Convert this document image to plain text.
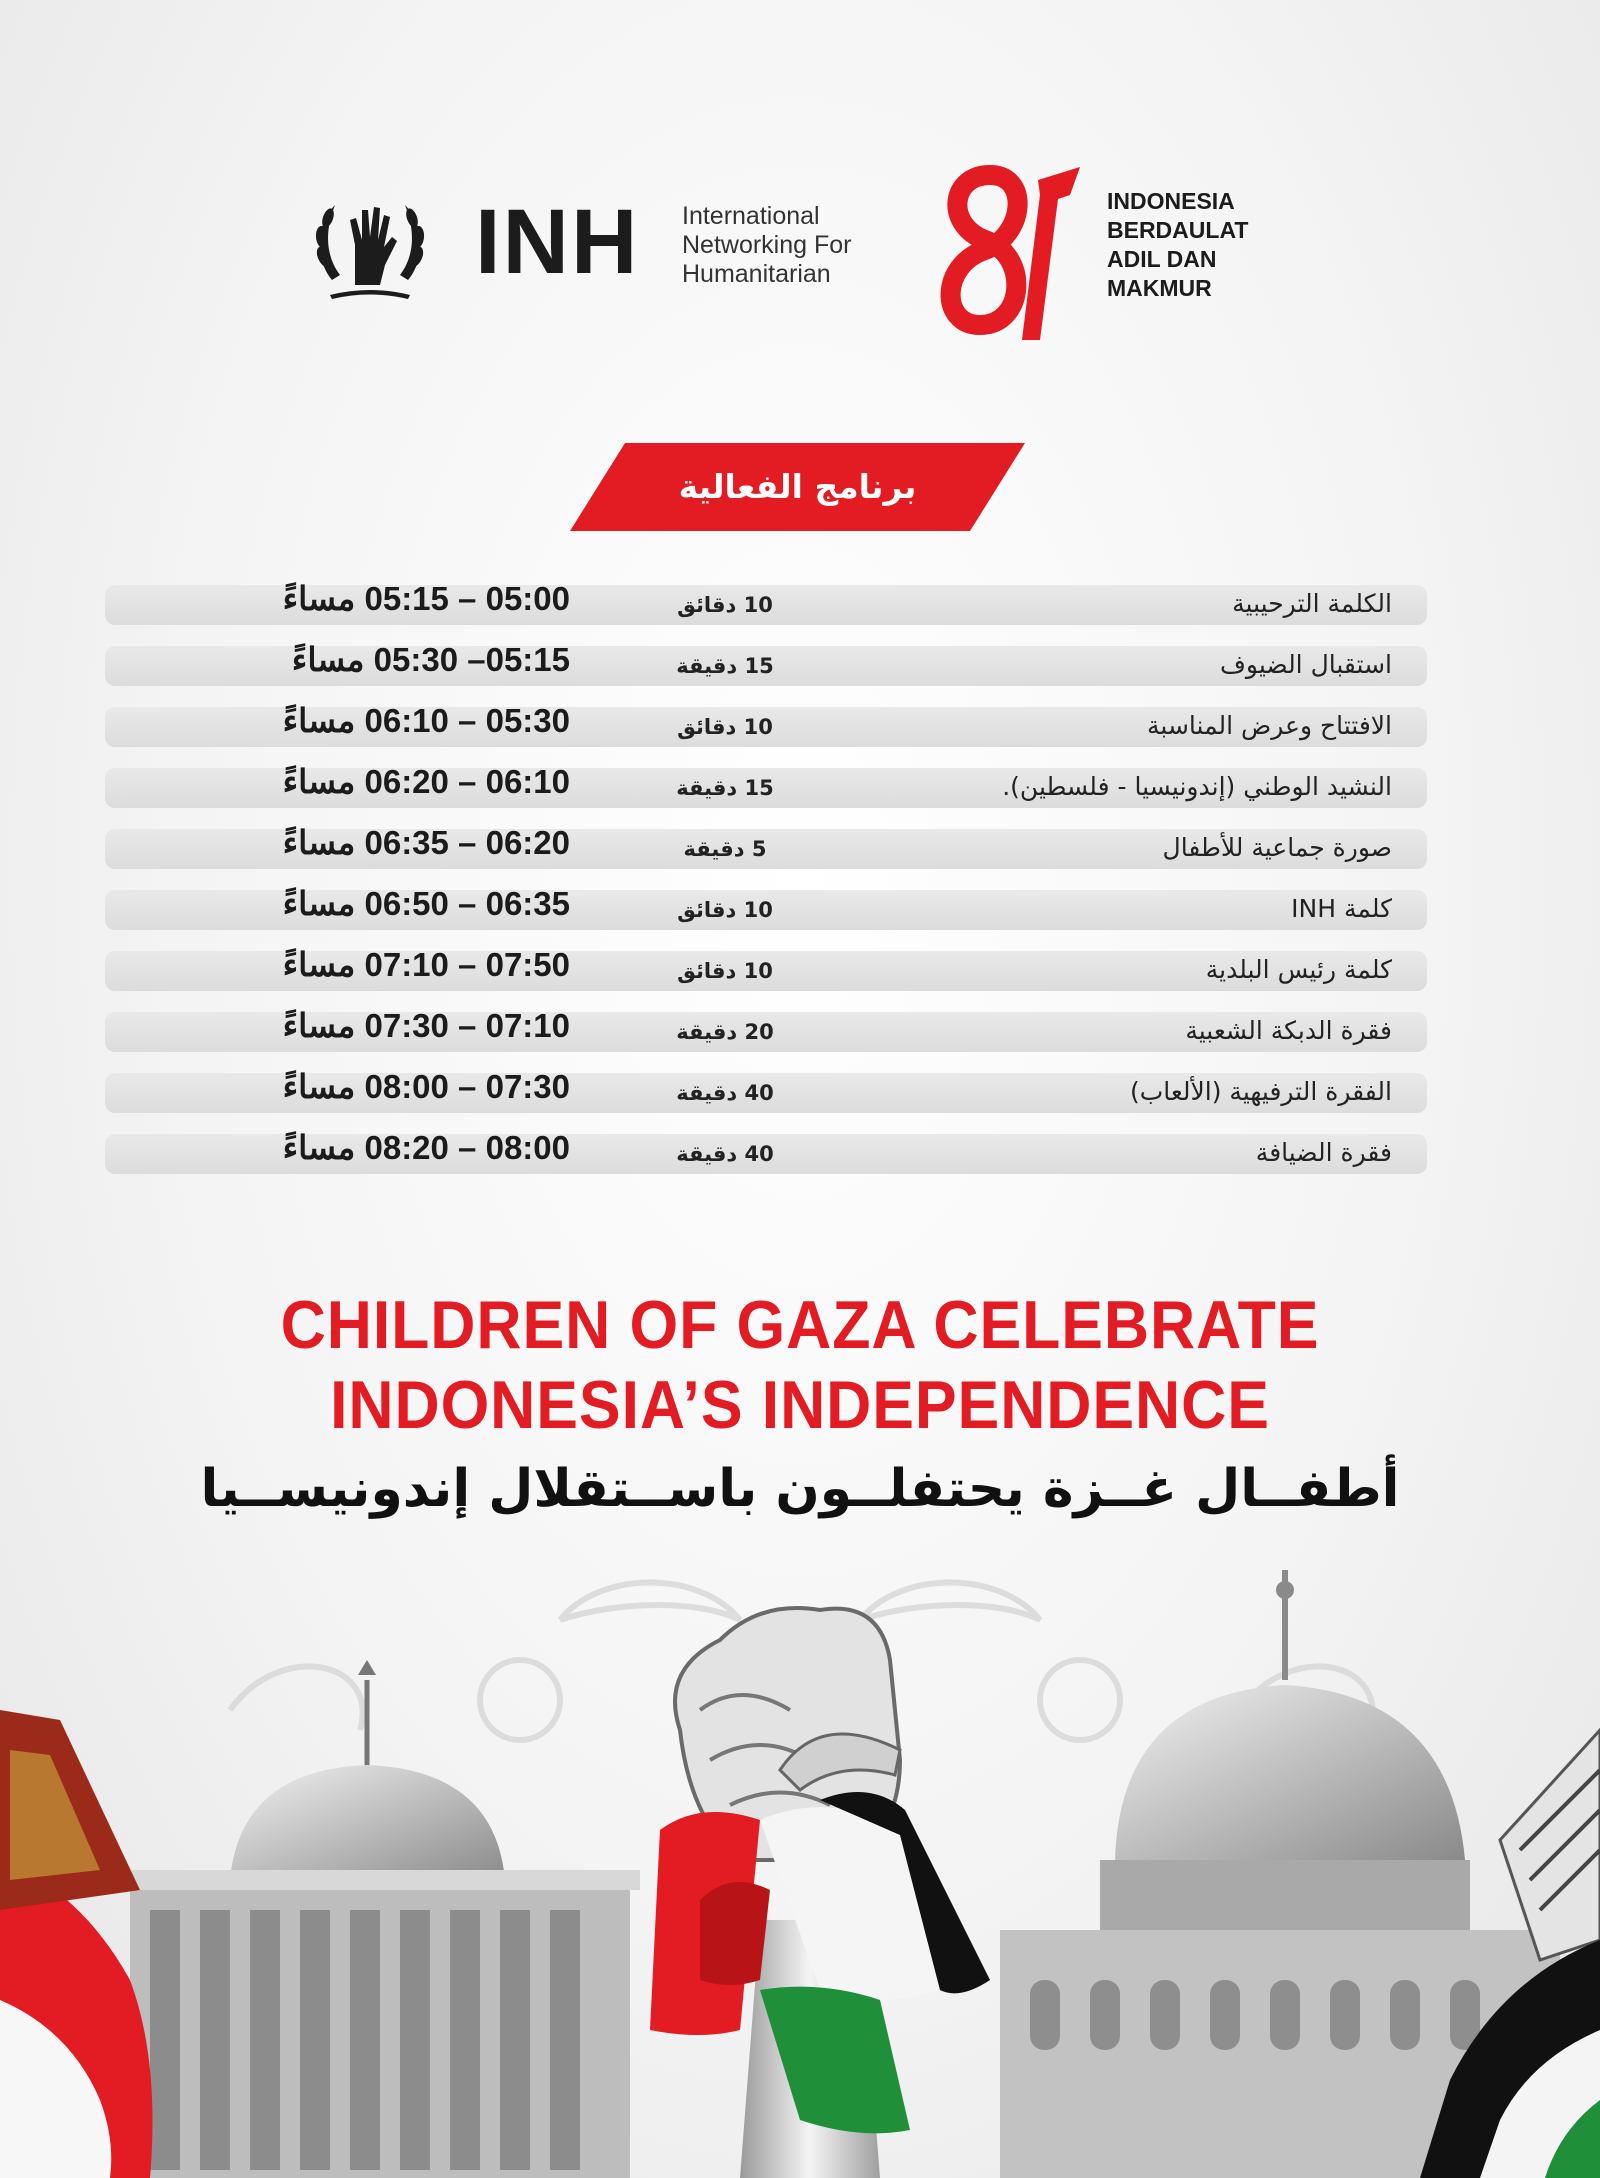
INH International
Networking For
Humanitarian
INDONESIA
BERDAULAT
ADIL DAN
MAKMUR
برنامج الفعالية
الكلمة الترحيبية
10 دقائق
05:00 – 05:15 مساءً
استقبال الضيوف
15 دقيقة
05:15– 05:30 مساءً
الافتتاح وعرض المناسبة
10 دقائق
05:30 – 06:10 مساءً
النشيد الوطني (إندونيسيا - فلسطين).
15 دقيقة
06:10 – 06:20 مساءً
صورة جماعية للأطفال
5 دقيقة
06:20 – 06:35 مساءً
كلمة INH
10 دقائق
06:35 – 06:50 مساءً
كلمة رئيس البلدية
10 دقائق
07:50 – 07:10 مساءً
فقرة الدبكة الشعبية
20 دقيقة
07:10 – 07:30 مساءً
الفقرة الترفيهية (الألعاب)
40 دقيقة
07:30 – 08:00 مساءً
فقرة الضيافة
40 دقيقة
08:00 – 08:20 مساءً
CHILDREN OF GAZA CELEBRATE
INDONESIA’S INDEPENDENCE
أطفــال غــزة يحتفلــون باســتقلال إندونيســيا
